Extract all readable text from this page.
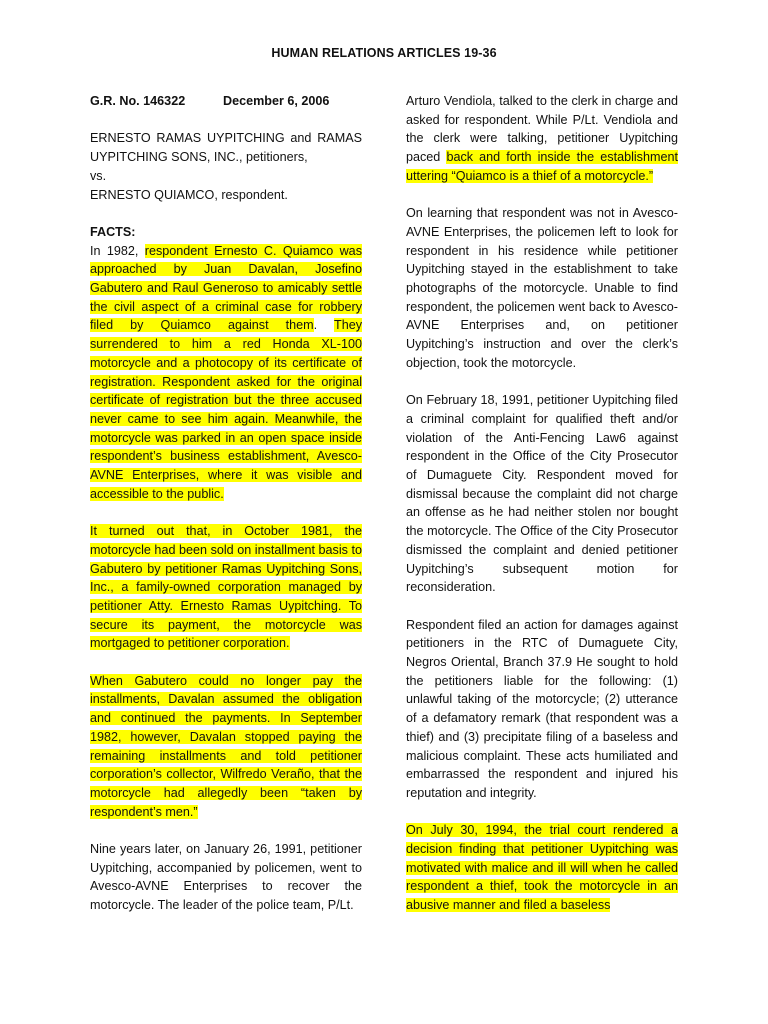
HUMAN RELATIONS ARTICLES 19-36
G.R. No. 146322	December 6, 2006

ERNESTO RAMAS UYPITCHING and RAMAS UYPITCHING SONS, INC., petitioners,

vs.

ERNESTO QUIAMCO, respondent.

FACTS:

In 1982, respondent Ernesto C. Quiamco was approached by Juan Davalan, Josefino Gabutero and Raul Generoso to amicably settle the civil aspect of a criminal case for robbery filed by Quiamco against them. They surrendered to him a red Honda XL-100 motorcycle and a photocopy of its certificate of registration. Respondent asked for the original certificate of registration but the three accused never came to see him again. Meanwhile, the motorcycle was parked in an open space inside respondent’s business establishment, Avesco-AVNE Enterprises, where it was visible and accessible to the public.

It turned out that, in October 1981, the motorcycle had been sold on installment basis to Gabutero by petitioner Ramas Uypitching Sons, Inc., a family-owned corporation managed by petitioner Atty. Ernesto Ramas Uypitching. To secure its payment, the motorcycle was mortgaged to petitioner corporation.

When Gabutero could no longer pay the installments, Davalan assumed the obligation and continued the payments. In September 1982, however, Davalan stopped paying the remaining installments and told petitioner corporation’s collector, Wilfredo Veraño, that the motorcycle had allegedly been “taken by respondent’s men.”

Nine years later, on January 26, 1991, petitioner Uypitching, accompanied by policemen, went to Avesco-AVNE Enterprises to recover the motorcycle. The leader of the police team, P/Lt.

Arturo Vendiola, talked to the clerk in charge and asked for respondent. While P/Lt. Vendiola and the clerk were talking, petitioner Uypitching paced back and forth inside the establishment uttering “Quiamco is a thief of a motorcycle.”

On learning that respondent was not in Avesco-AVNE Enterprises, the policemen left to look for respondent in his residence while petitioner Uypitching stayed in the establishment to take photographs of the motorcycle. Unable to find respondent, the policemen went back to Avesco-AVNE Enterprises and, on petitioner Uypitching’s instruction and over the clerk’s objection, took the motorcycle.

On February 18, 1991, petitioner Uypitching filed a criminal complaint for qualified theft and/or violation of the Anti-Fencing Law6 against respondent in the Office of the City Prosecutor of Dumaguete City. Respondent moved for dismissal because the complaint did not charge an offense as he had neither stolen nor bought the motorcycle. The Office of the City Prosecutor dismissed the complaint and denied petitioner Uypitching’s subsequent motion for reconsideration.

Respondent filed an action for damages against petitioners in the RTC of Dumaguete City, Negros Oriental, Branch 37.9 He sought to hold the petitioners liable for the following: (1) unlawful taking of the motorcycle; (2) utterance of a defamatory remark (that respondent was a thief) and (3) precipitate filing of a baseless and malicious complaint. These acts humiliated and embarrassed the respondent and injured his reputation and integrity.

On July 30, 1994, the trial court rendered a decision finding that petitioner Uypitching was motivated with malice and ill will when he called respondent a thief, took the motorcycle in an abusive manner and filed a baseless
